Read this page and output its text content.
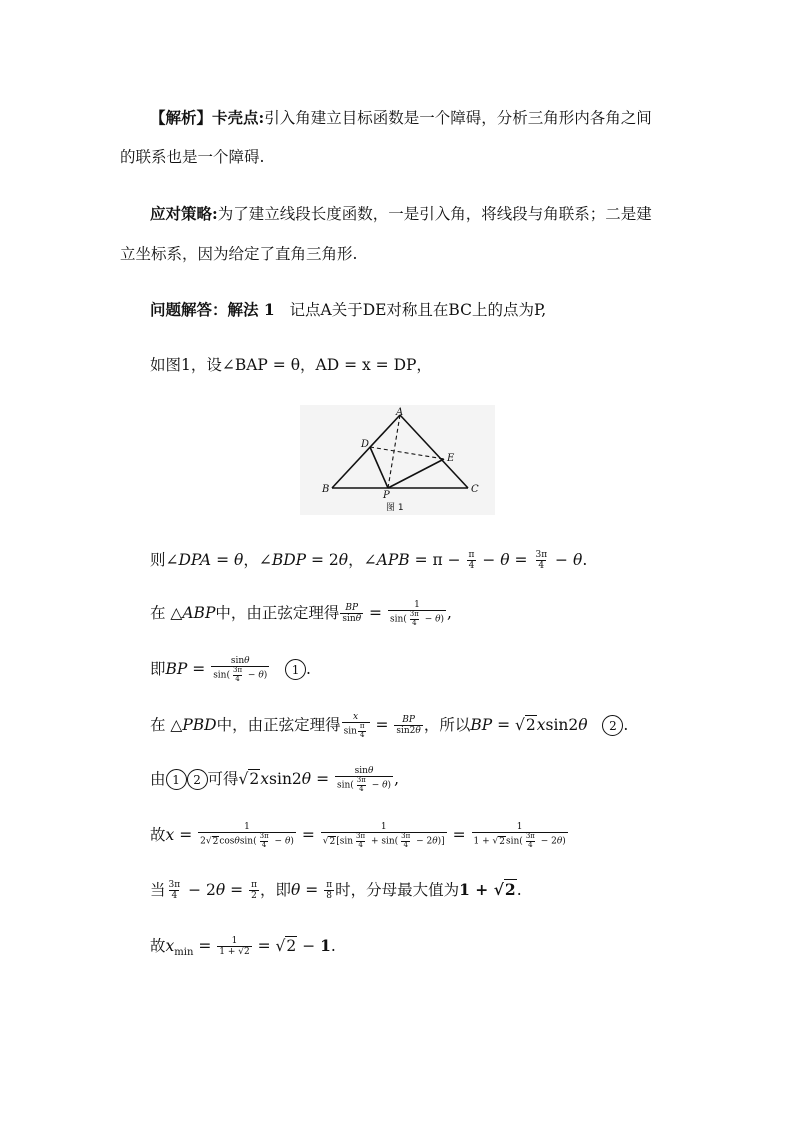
【解析】卡壳点:引入角建立目标函数是一个障碍，分析三角形内各角之间
的联系也是一个障碍.
应对策略:为了建立线段长度函数，一是引入角，将线段与角联系；二是建
立坐标系，因为给定了直角三角形.
问题解答：解法 1 记点A关于DE对称且在BC上的点为P,
如图1，设∠BAP = θ，AD = x = DP，
A
D
E
B
P
C
图 1
则∠DPA = θ，∠BDP = 2θ，∠APB = $\pi - \frac{\pi}{4} - \theta = \frac{3\pi}{4} - \theta$.
在 △ABP中，由正弦定理得 $\frac{BP}{\sin\theta} = \frac{1}{\sin( \frac{3\pi}{4} - \theta)}$ ,
即BP = $\frac{\sin\theta}{\sin( \frac{3\pi}{4} - \theta)} 1$ .
在 △PBD中，由正弦定理得 $\frac{x}{\sin \frac{\pi}{4}} = \frac{BP}{\sin 2\theta}$ ，所以BP = √2xsin2θ 2 .
由 1 2 可得$√2xsin2\theta = \frac{\sin\theta}{\sin( \frac{3\pi}{4} - \theta)}$ ,
故$x = \frac{1}{2√2\cos\theta\sin( \frac{3\pi}{4} - \theta)} = \frac{1}{√2[\sin \frac{3\pi}{4} + \sin( \frac{3\pi}{4} - 2\theta)]} = \frac{1}{1 + √2\sin( \frac{3\pi}{4} - 2\theta)}$
当 $\frac{3\pi}{4} - 2\theta = \frac{\pi}{2}$ ，即$\theta = \frac{\pi}{8}$ 时，分母最大值为1 + √2.
故$x_{min} = \frac{1}{1 + √2} = √2 - 1$.
